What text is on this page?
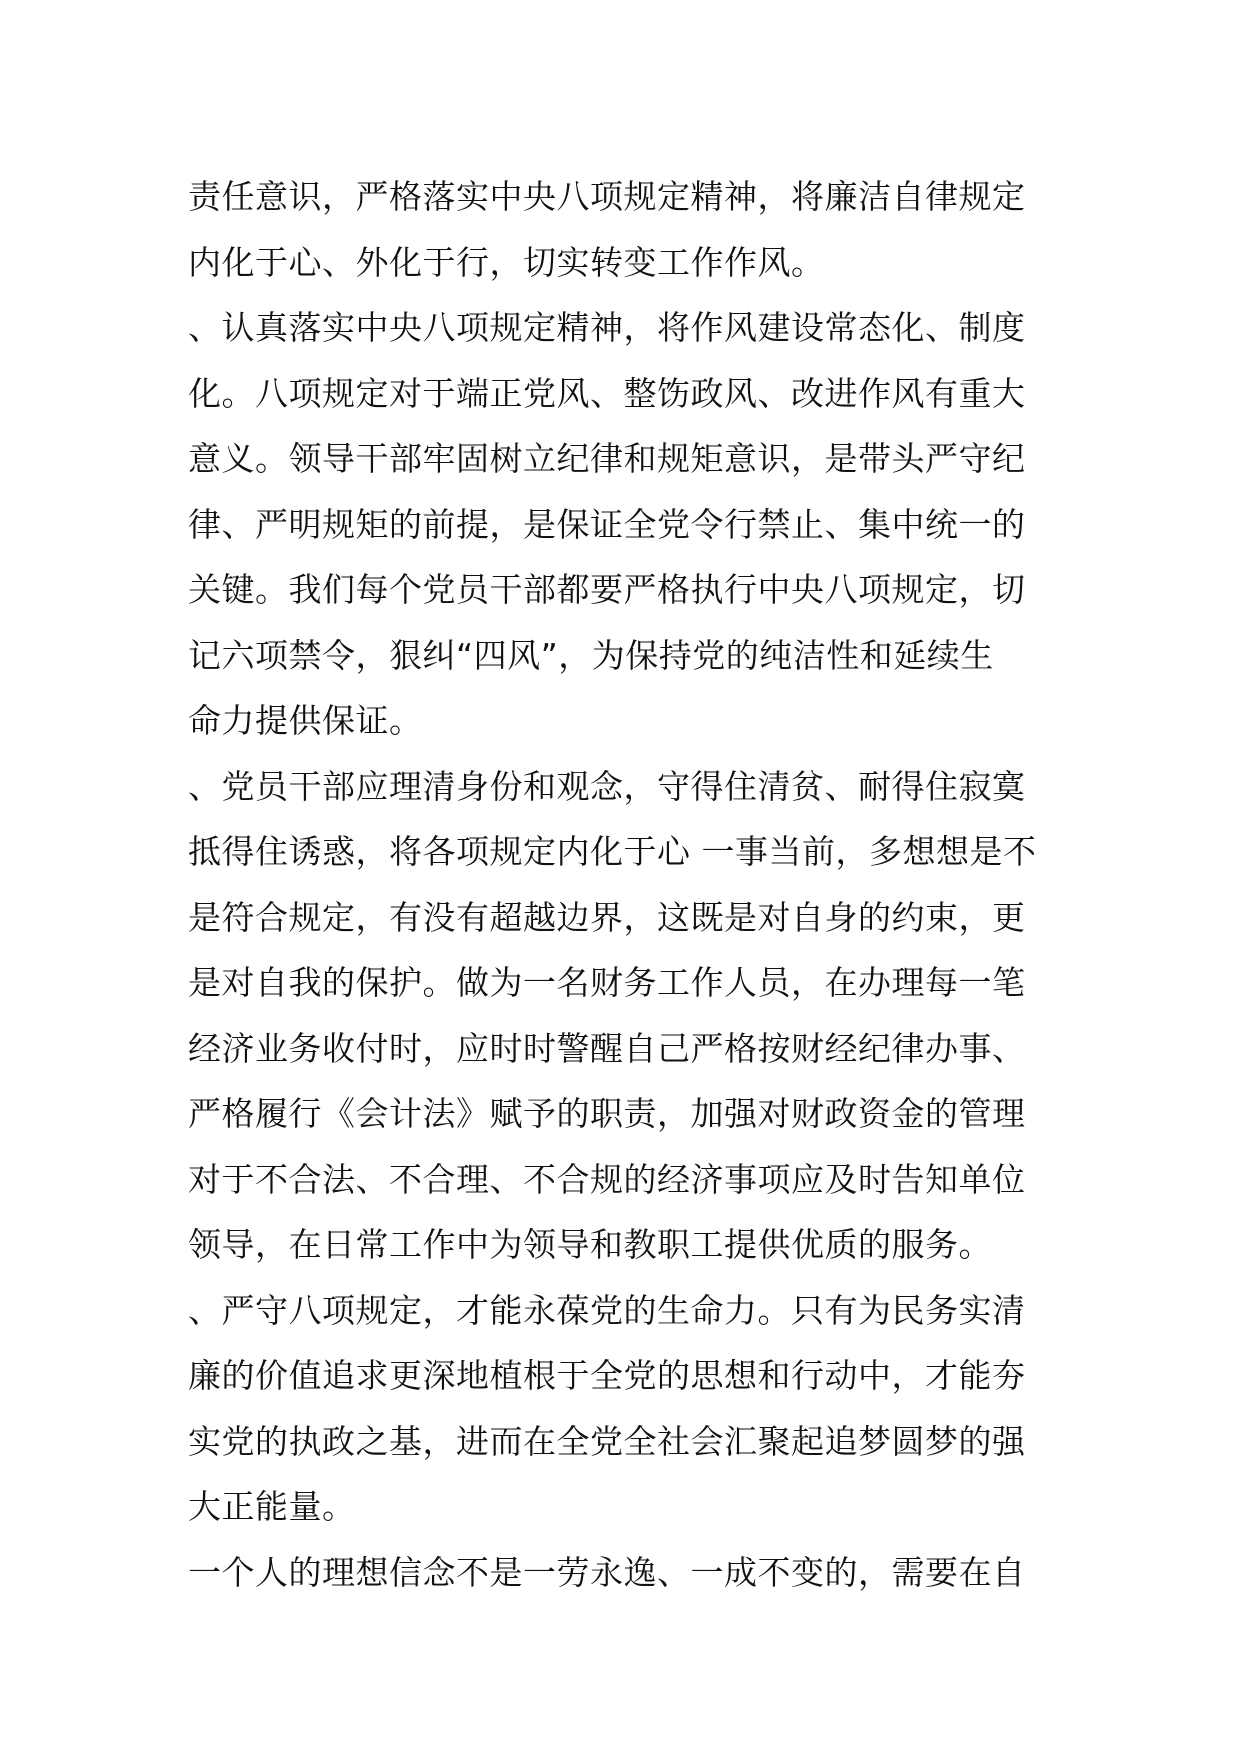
责任意识，严格落实中央八项规定精神，将廉洁自律规定
内化于心、外化于行，切实转变工作作风。
、认真落实中央八项规定精神，将作风建设常态化、制度
化。八项规定对于端正党风、整饬政风、改进作风有重大
意义。领导干部牢固树立纪律和规矩意识，是带头严守纪
律、严明规矩的前提，是保证全党令行禁止、集中统一的
关键。我们每个党员干部都要严格执行中央八项规定，切
记六项禁令，狠纠“四风”，为保持党的纯洁性和延续生
命力提供保证。
、党员干部应理清身份和观念，守得住清贫、耐得住寂寞
抵得住诱惑，将各项规定内化于心 一事当前，多想想是不
是符合规定，有没有超越边界，这既是对自身的约束，更
是对自我的保护。做为一名财务工作人员，在办理每一笔
经济业务收付时，应时时警醒自己严格按财经纪律办事、
严格履行《会计法》赋予的职责，加强对财政资金的管理
对于不合法、不合理、不合规的经济事项应及时告知单位
领导，在日常工作中为领导和教职工提供优质的服务。
、严守八项规定，才能永葆党的生命力。只有为民务实清
廉的价值追求更深地植根于全党的思想和行动中，才能夯
实党的执政之基，进而在全党全社会汇聚起追梦圆梦的强
大正能量。
一个人的理想信念不是一劳永逸、一成不变的，需要在自
